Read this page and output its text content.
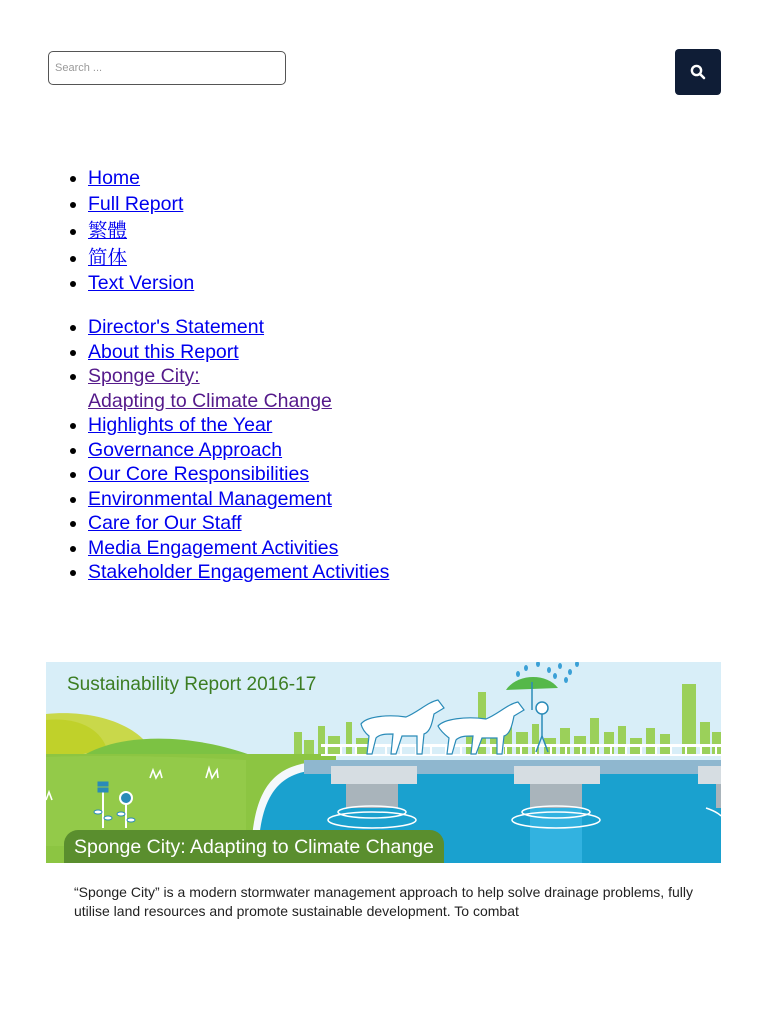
Search ...
• Home
• Full Report
• 繁體
• 简体
• Text Version
• Director's Statement
• About this Report
• Sponge City:
Adapting to Climate Change
• Highlights of the Year
• Governance Approach
• Our Core Responsibilities
• Environmental Management
• Care for Our Staff
• Media Engagement Activities
• Stakeholder Engagement Activities
Sustainability Report 2016-17
Sponge City: Adapting to Climate Change

“Sponge City” is a modern stormwater management approach to help solve drainage problems, fully utilise land resources and promote sustainable development. To combat
